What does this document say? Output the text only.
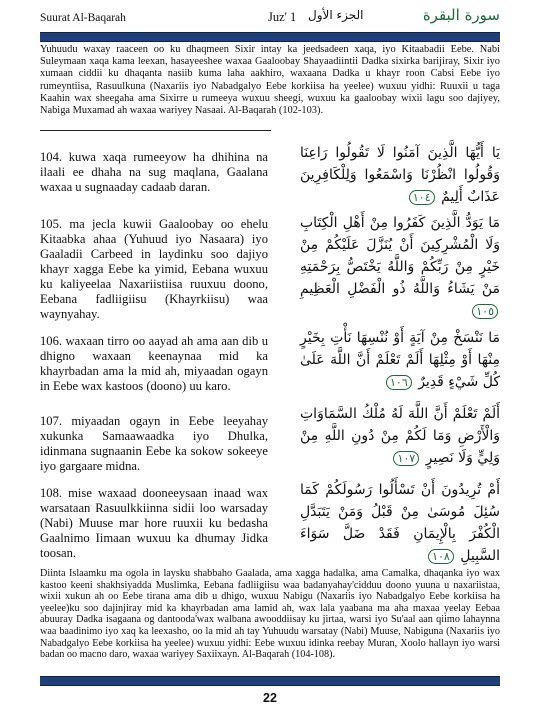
Suurat Al-Baqarah	Juz' 1 الجزء الأول	سورة البقرة

Yuhuudu waxay raaceen oo ku dhaqmeen Sixir intay ka jeedsadeen xaqa, iyo Kitaabadii Eebe. Nabi Suleymaan xaqa kama leexan, hasayeeshee waxaa Gaaloobay Shayaadiintii Dadka sixirka barijiray, Sixir iyo xumaan ciddii ku dhaqanta nasiib kuma laha aakhiro, waxaana Dadka u khayr roon Cabsi Eebe iyo rumeyntiisa, Rasuulkuna (Naxariis iyo Nabadgalyo Eebe korkiisa ha yeelee) wuxuu yidhi: Ruuxii u taga Kaahin wax sheegaha ama Sixirre u rumeeya wuxuu sheegi, wuxuu ka gaaloobay wixii lagu soo dajiyey, Nabiga Muxamad ah waxaa wariyey Nasaai. Al-Baqarah (102-103).

104. kuwa xaqa rumeeyow ha dhihina na ilaali ee dhaha na sug maqlana, Gaalana waxaa u sugnaaday cadaab daran.

يَا أَيُّهَا الَّذِينَ آمَنُوا لَا تَقُولُوا رَاعِنَا وَقُولُوا انْظُرْنَا وَاسْمَعُوا وَلِلْكَافِرِينَ عَذَابٌ أَلِيمٌ ١٠٤

105. ma jecla kuwii Gaaloobay oo ehelu Kitaabka ahaa (Yuhuud iyo Nasaara) iyo Gaaladii Carbeed in laydinku soo dajiyo khayr xagga Eebe ka yimid, Eebana wuxuu ku kaliyeelaa Naxariistiisa ruuxuu doono, Eebana fadliigiisu (Khayrkiisu) waa waynyahay.

مَا يَوَدُّ الَّذِينَ كَفَرُوا مِنْ أَهْلِ الْكِتَابِ وَلَا الْمُشْرِكِينَ أَنْ يُنَزَّلَ عَلَيْكُمْ مِنْ خَيْرٍ مِنْ رَبِّكُمْ وَاللَّهُ يَخْتَصُّ بِرَحْمَتِهِ مَنْ يَشَاءُ وَاللَّهُ ذُو الْفَضْلِ الْعَظِيمِ ١٠٥

106. waxaan tirro oo aayad ah ama aan dib u dhigno waxaan keenaynaa mid ka khayrbadan ama la mid ah, miyaadan ogayn in Eebe wax kastoos (doono) uu karo.

مَا نَنْسَخْ مِنْ آيَةٍ أَوْ نُنْسِهَا نَأْتِ بِخَيْرٍ مِنْهَا أَوْ مِثْلِهَا أَلَمْ تَعْلَمْ أَنَّ اللَّهَ عَلَىٰ كُلِّ شَيْءٍ قَدِيرٌ ١٠٦

107. miyaadan ogayn in Eebe leeyahay xukunka Samaawaadka iyo Dhulka, idinmana sugnaanin Eebe ka sokow sokeeye iyo gargaare midna.

أَلَمْ تَعْلَمْ أَنَّ اللَّهَ لَهُ مُلْكُ السَّمَاوَاتِ وَالْأَرْضِ وَمَا لَكُمْ مِنْ دُونِ اللَّهِ مِنْ وَلِيٍّ وَلَا نَصِيرٍ ١٠٧

108. mise waxaad dooneeysaan inaad wax warsataan Rasuulkkiinna sidii loo warsaday (Nabi) Muuse mar hore ruuxii ku bedasha Gaalnimo Iimaan wuxuu ka dhumay Jidka toosan.

أَمْ تُرِيدُونَ أَنْ تَسْأَلُوا رَسُولَكُمْ كَمَا سُئِلَ مُوسَىٰ مِنْ قَبْلُ وَمَنْ يَتَبَدَّلِ الْكُفْرَ بِالْإِيمَانِ فَقَدْ ضَلَّ سَوَاءَ السَّبِيلِ ١٠٨

Diinta Islaamku ma ogola in laysku shabbaho Gaalada, ama xagga hadalka, ama Camalka, dhaqanka iyo wax kastoo keeni shakhsiyadda Muslimka, Eebana fadliigiisu waa badanyahay'cidduu doono yuuna u naxariistaa, wixii xukun ah oo Eebe tirana ama dib u dhigo, wuxuu Nabigu (Naxariis iyo Nabadgalyo Eebe korkiisa ha yeelee)ku soo dajinjiray mid ka khayrbadan ama lamid ah, wax lala yaabana ma aha maxaa yeelay Eebaa abuuray Dadka isagaana og dantooda'wax walbana awooddiisay ku jirtaa, warsi iyo Su'aal aan qiimo lahaynna waa baadinimo iyo xaq ka leexasho, oo la mid ah tay Yuhuudu warsatay (Nabi) Muuse, Nabiguna (Naxariis iyo Nabadgalyo Eebe korkiisa ha yeelee) wuxuu yidhi: Eebe wuxuu idinka reebay Muran, Xoolo hallayn iyo warsi badan oo macno daro, waxaa wariyey Saxiixayn. Al-Baqarah (104-108).

22
